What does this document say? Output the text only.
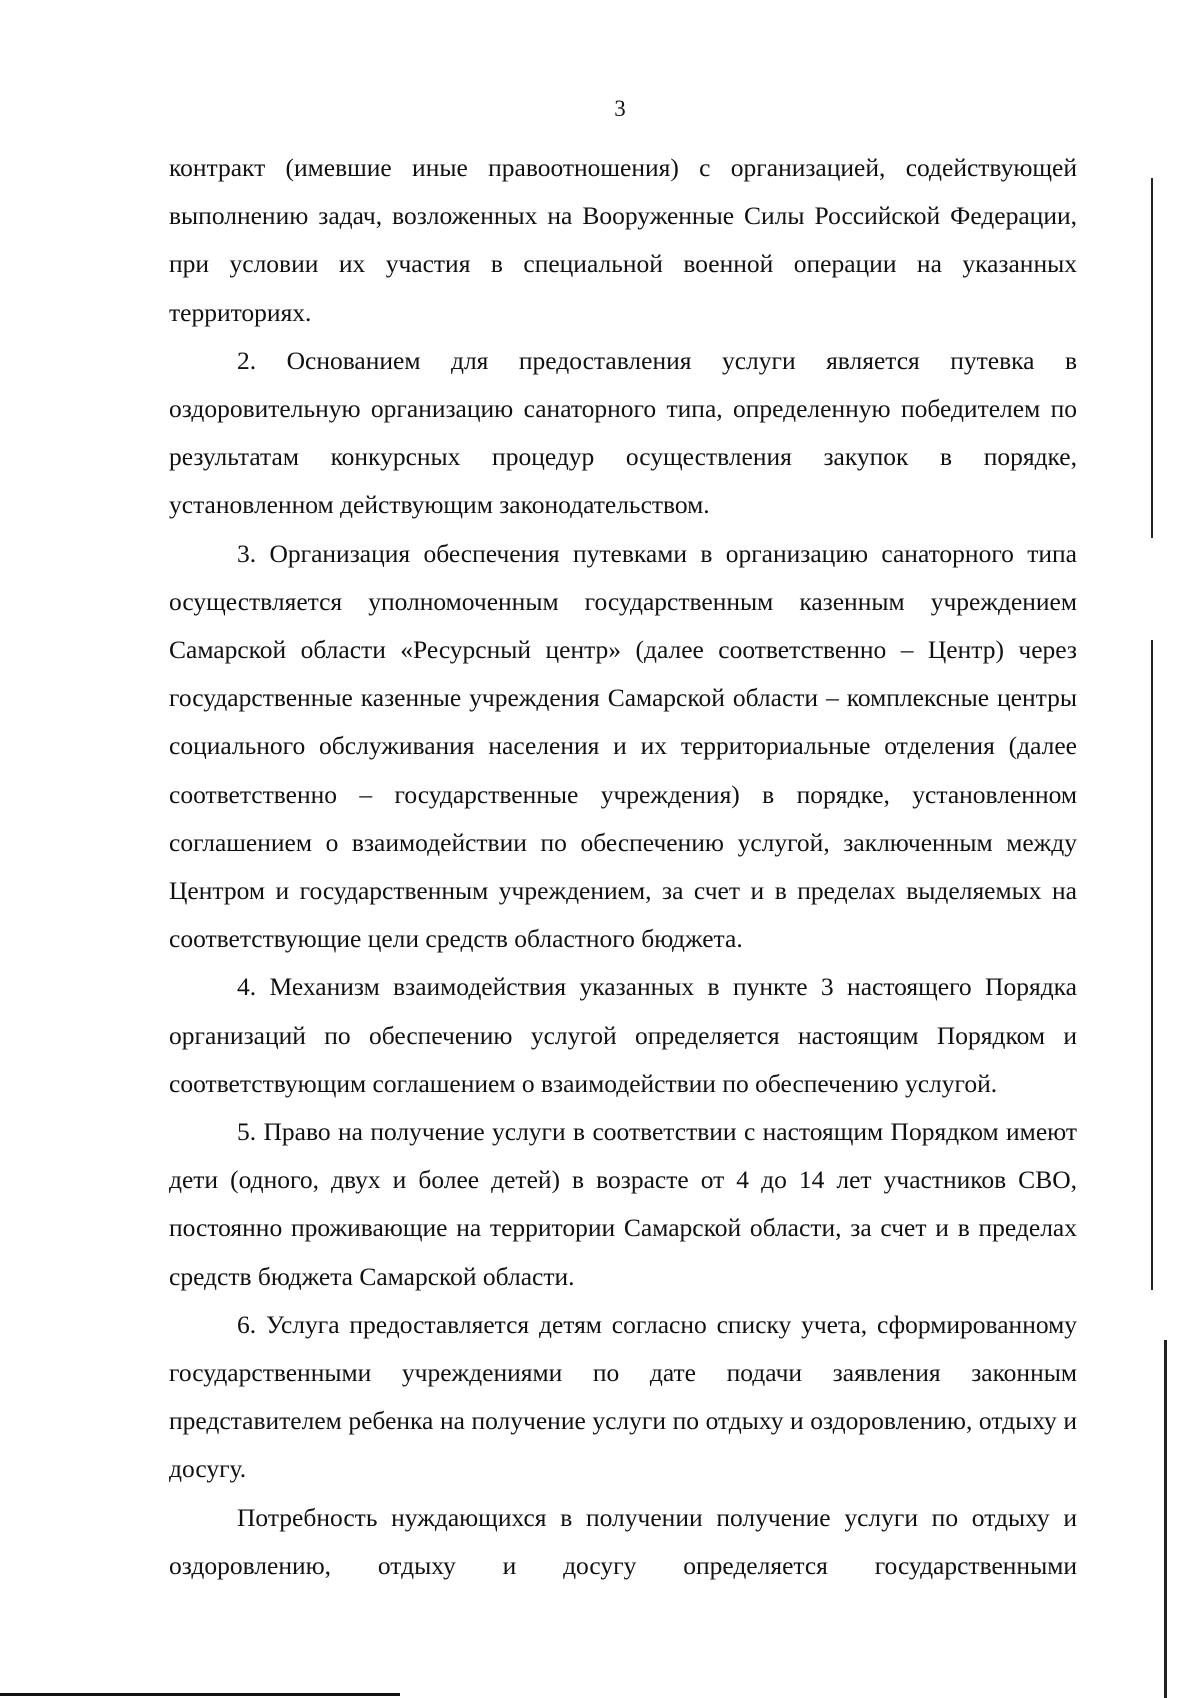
3

контракт (имевшие иные правоотношения) с организацией, содействующей выполнению задач, возложенных на Вооруженные Силы Российской Федерации, при условии их участия в специальной военной операции на указанных территориях.

2. Основанием для предоставления услуги является путевка в оздоровительную организацию санаторного типа, определенную победителем по результатам конкурсных процедур осуществления закупок в порядке, установленном действующим законодательством.

3. Организация обеспечения путевками в организацию санаторного типа осуществляется уполномоченным государственным казенным учреждением Самарской области «Ресурсный центр» (далее соответственно – Центр) через государственные казенные учреждения Самарской области – комплексные центры социального обслуживания населения и их территориальные отделения (далее соответственно – государственные учреждения) в порядке, установленном соглашением о взаимодействии по обеспечению услугой, заключенным между Центром и государственным учреждением, за счет и в пределах выделяемых на соответствующие цели средств областного бюджета.

4. Механизм взаимодействия указанных в пункте 3 настоящего Порядка организаций по обеспечению услугой определяется настоящим Порядком и соответствующим соглашением о взаимодействии по обеспечению услугой.

5. Право на получение услуги в соответствии с настоящим Порядком имеют дети (одного, двух и более детей) в возрасте от 4 до 14 лет участников СВО, постоянно проживающие на территории Самарской области, за счет и в пределах средств бюджета Самарской области.

6. Услуга предоставляется детям согласно списку учета, сформированному государственными учреждениями по дате подачи заявления законным представителем ребенка на получение услуги по отдыху и оздоровлению, отдыху и досугу.

Потребность нуждающихся в получении получение услуги по отдыху и оздоровлению, отдыху и досугу определяется государственными
